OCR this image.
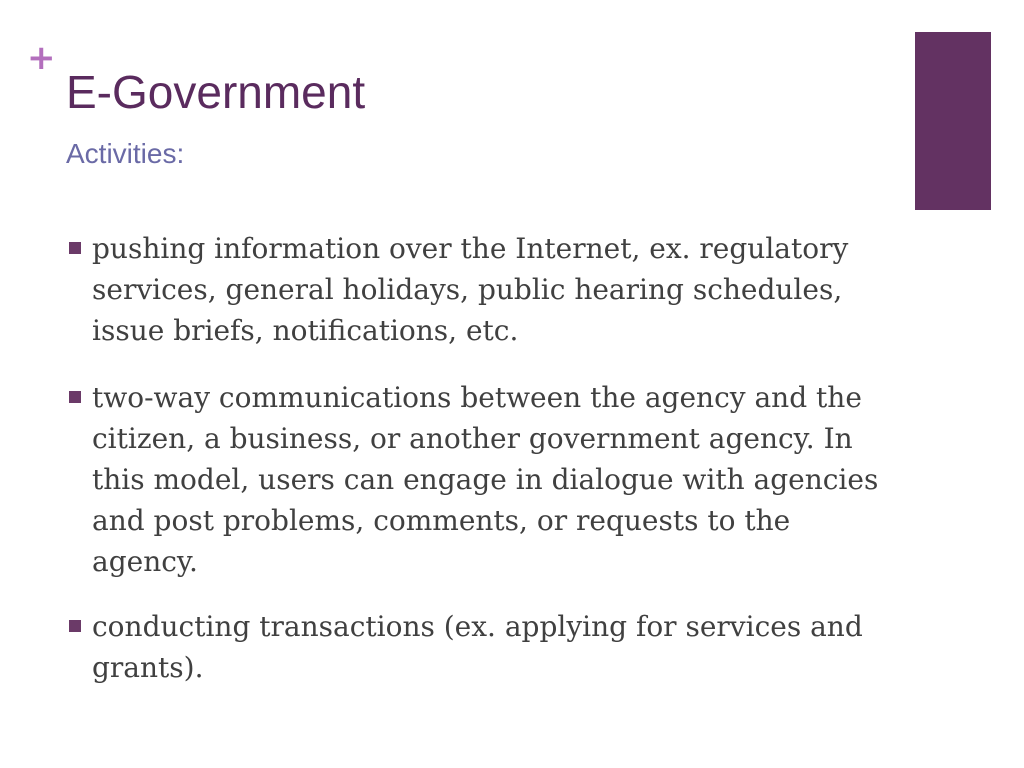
+
E-Government
Activities:
pushing information over the Internet, ex. regulatory services, general holidays, public hearing schedules, issue briefs, notifications, etc.
two-way communications between the agency and the citizen, a business, or another government agency. In this model, users can engage in dialogue with agencies and post problems, comments, or requests to the agency.
conducting transactions (ex. applying for services and grants).
